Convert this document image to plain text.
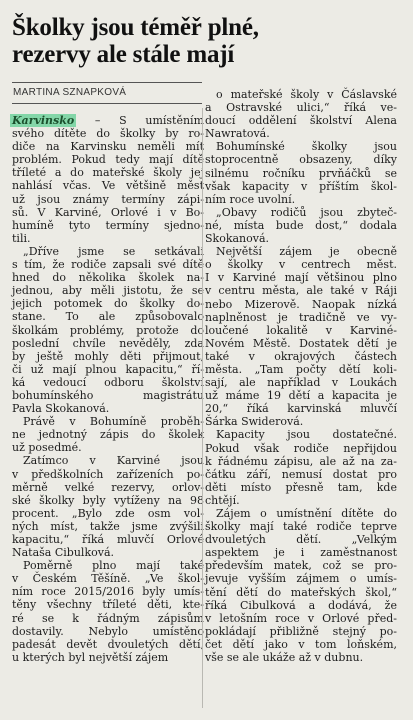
Školky jsou téměř plné,
rezervy ale stále mají
MARTINA SZNAPKOVÁ
Karvinsko – S umístěním
svého dítěte do školky by ro-
diče na Karvinsku neměli mít
problém. Pokud tedy mají dítě
tříleté a do mateřské školy jej
nahlásí včas. Ve většině měst
už jsou známy termíny zápi-
sů. V Karviné, Orlové i v Bo-
humíně tyto termíny sjedno-
tili.
„Dříve jsme se setkávali
s tím, že rodiče zapsali své dítě
hned do několika školek na-
jednou, aby měli jistotu, že se
jejich potomek do školky do-
stane. To ale způsobovalo
školkám problémy, protože do
poslední chvíle nevěděly, zda
by ještě mohly děti přijmout,
či už mají plnou kapacitu,“ ří-
ká vedoucí odboru školství
bohumínského magistrátu
Pavla Skokanová.
Právě v Bohumíně proběh-
ne jednotný zápis do školek
už posedmé.
Zatímco v Karviné jsou
v předškolních zařízeních po-
měrně velké rezervy, orlov-
ské školky byly vytíženy na 98
procent. „Bylo zde osm vol-
ných míst, takže jsme zvýšili
kapacitu,“ říká mluvčí Orlové
Nataša Cibulková.
Poměrně plno mají také
v Českém Těšíně. „Ve škol-
ním roce 2015/2016 byly umís-
těny všechny tříleté děti, kte-
ré se k řádným zápisům
dostavily. Nebylo umístěno
padesát devět dvouletých dětí,
u kterých byl největší zájem
o mateřské školy v Čáslavské
a Ostravské ulici,“ říká ve-
doucí oddělení školství Alena
Nawratová.
Bohumínské školky jsou
stoprocentně obsazeny, díky
silnému ročníku prvňáčků se
však kapacity v příštím škol-
ním roce uvolní.
„Obavy rodičů jsou zbyteč-
né, místa bude dost,“ dodala
Skokanová.
Největší zájem je obecně
o školky v centrech měst.
I v Karviné mají většinou plno
v centru města, ale také v Ráji
nebo Mizerově. Naopak nízká
naplněnost je tradičně ve vy-
loučené lokalitě v Karviné-
Novém Městě. Dostatek dětí je
také v okrajových částech
města. „Tam počty dětí koli-
sají, ale například v Loukách
už máme 19 dětí a kapacita je
20,“ říká karvinská mluvčí
Šárka Swiderová.
Kapacity jsou dostatečné.
Pokud však rodiče nepřijdou
k řádnému zápisu, ale až na za-
čátku září, nemusí dostat pro
děti místo přesně tam, kde
chtějí.
Zájem o umístnění dítěte do
školky mají také rodiče teprve
dvouletých dětí. „Velkým
aspektem je i zaměstnanost
především matek, což se pro-
jevuje vyšším zájmem o umís-
tění dětí do mateřských škol,“
říká Cibulková a dodává, že
v letošním roce v Orlové před-
pokládají přibližně stejný po-
čet dětí jako v tom loňském,
vše se ale ukáže až v dubnu.
